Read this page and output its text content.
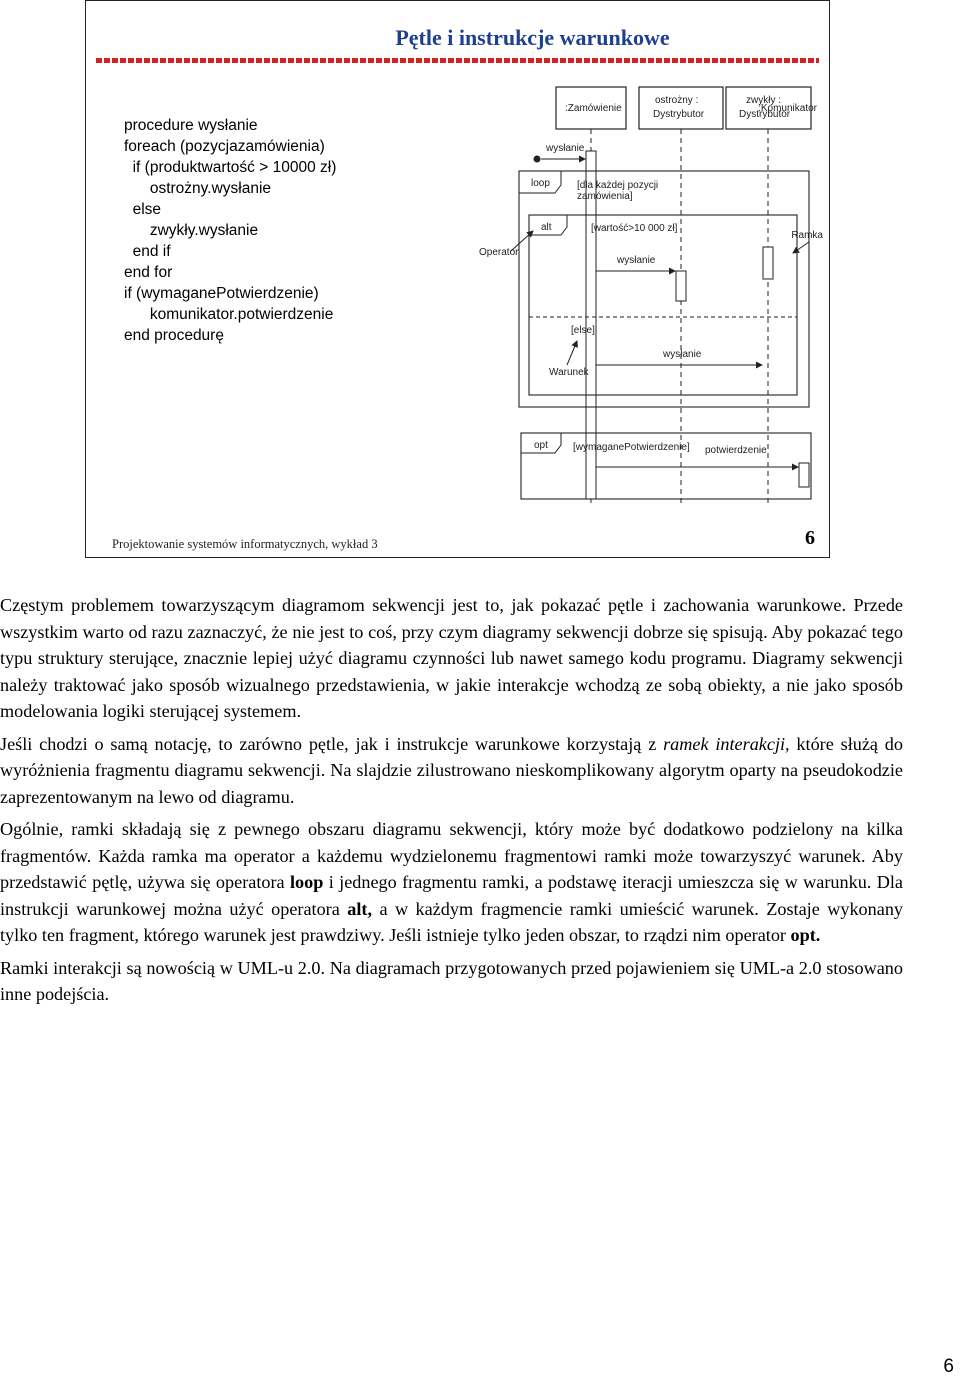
Pętle i instrukcje warunkowe
procedure wysłanie
foreach (pozycjazamówienia)
if (produktwartość > 10000 zł)
ostrożny.wysłanie
else
zwykły.wysłanie
end if
end for
if (wymaganePotwierdzenie)
komunikator.potwierdzenie
end procedurę
:Zamówienie
ostrożny :
Dystrybutor
zwykły :
Dystrybutor
:Komunikator
wysłanie
loop	[dla każdej pozycji
zamówienia]
alt	[wartość>10 000 zł]
[else]
wysłanie
wysłanie
Operator
Ramka
Warunek
opt	[wymaganePotwierdzenie] potwierdzenie
Projektowanie systemów informatycznych, wykład 3	6

Częstym problemem towarzyszącym diagramom sekwencji jest to, jak pokazać pętle i zachowania warunkowe. Przede wszystkim warto od razu zaznaczyć, że nie jest to coś, przy czym diagramy sekwencji dobrze się spisują. Aby pokazać tego typu struktury sterujące, znacznie lepiej użyć diagramu czynności lub nawet samego kodu programu. Diagramy sekwencji należy traktować jako sposób wizualnego przedstawienia, w jakie interakcje wchodzą ze sobą obiekty, a nie jako sposób modelowania logiki sterującej systemem.

Jeśli chodzi o samą notację, to zarówno pętle, jak i instrukcje warunkowe korzystają z ramek interakcji, które służą do wyróżnienia fragmentu diagramu sekwencji. Na slajdzie zilustrowano nieskomplikowany algorytm oparty na pseudokodzie zaprezentowanym na lewo od diagramu.

Ogólnie, ramki składają się z pewnego obszaru diagramu sekwencji, który może być dodatkowo podzielony na kilka fragmentów. Każda ramka ma operator a każdemu wydzielonemu fragmentowi ramki może towarzyszyć warunek. Aby przedstawić pętlę, używa się operatora loop i jednego fragmentu ramki, a podstawę iteracji umieszcza się w warunku. Dla instrukcji warunkowej można użyć operatora alt, a w każdym fragmencie ramki umieścić warunek. Zostaje wykonany tylko ten fragment, którego warunek jest prawdziwy. Jeśli istnieje tylko jeden obszar, to rządzi nim operator opt.

Ramki interakcji są nowością w UML-u 2.0. Na diagramach przygotowanych przed pojawieniem się UML-a 2.0 stosowano inne podejścia.

6
